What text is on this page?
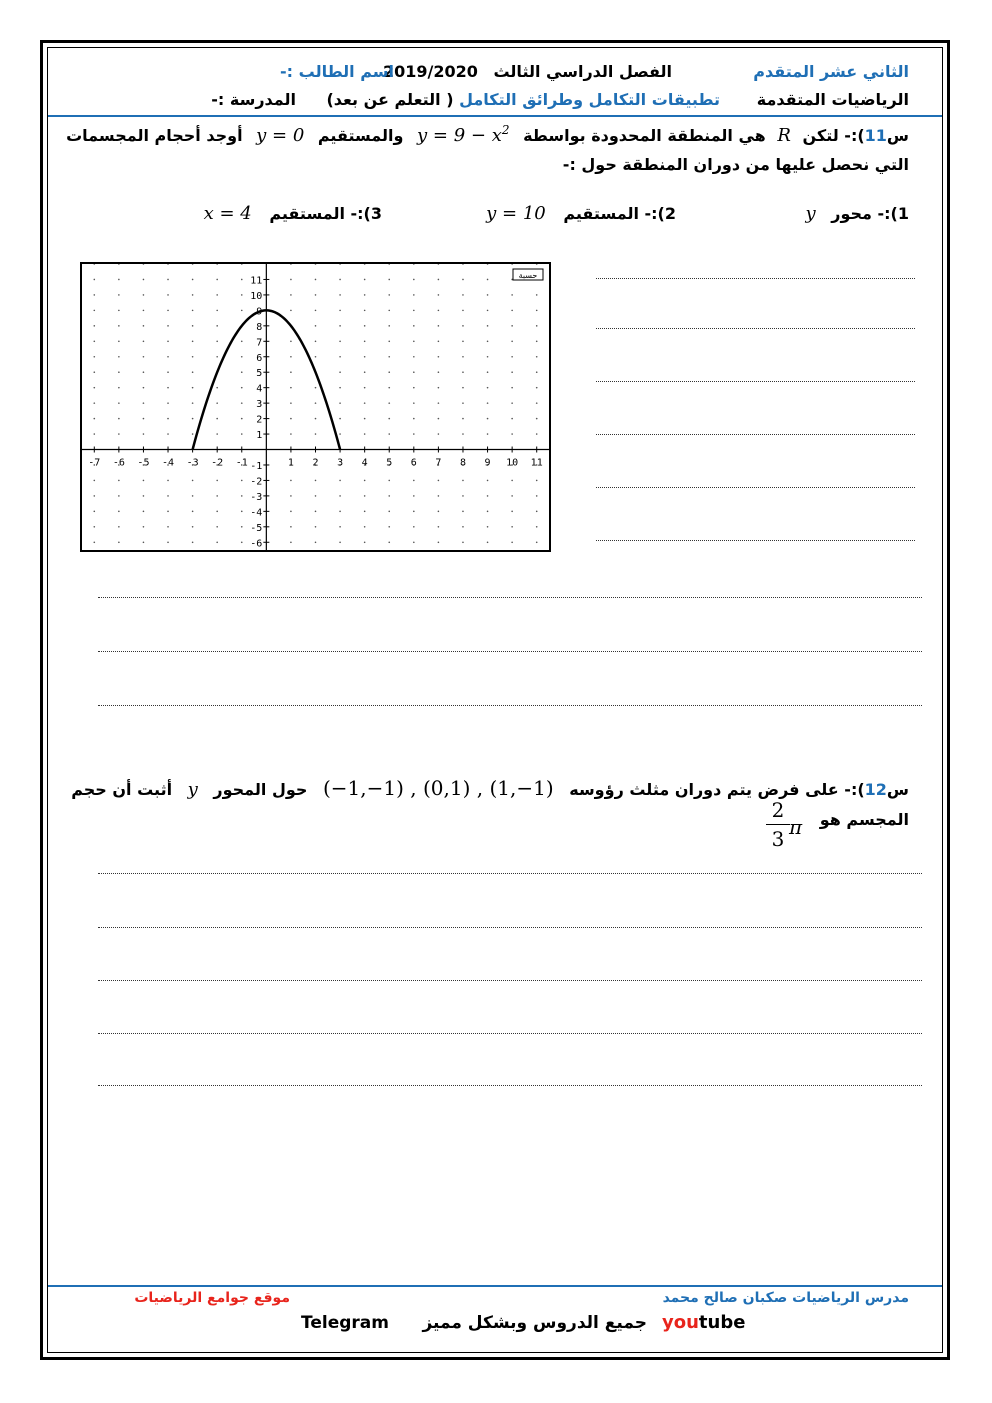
الثاني عشر المتقدم
2019/2020 الفصل الدراسي الثالث
اسم الطالب :-
الرياضيات المتقدمة
تطبيقات التكامل وطرائق التكامل ( التعلم عن بعد)
المدرسة :-
س11):- لتكن R هي المنطقة المحدودة بواسطة $y = 9 - x^2$ والمستقيم y = 0 أوجد أحجام المجسمات
التي نحصل عليها من دوران المنطقة حول :-
1):- محور y
2):- المستقيم y = 10
3):- المستقيم x = 4
-7 -6 -5 -4 -3 -2 -1	1 2 3 4 5 6 7 8 9 10 11
11
10
9
8
7
6
5
4
3
2
1
-1
-2
-3
-4
-5
-6
حسبة
س12):- على فرض يتم دوران مثلث رؤوسه (−1,−1) , (0,1) , (1,−1) حول المحور y أثبت أن حجم
المجسم هو
2
3 π
مدرس الرياضيات صكبان صالح محمد
موقع جوامع الرياضيات
youtube
جميع الدروس وبشكل مميز
Telegram
